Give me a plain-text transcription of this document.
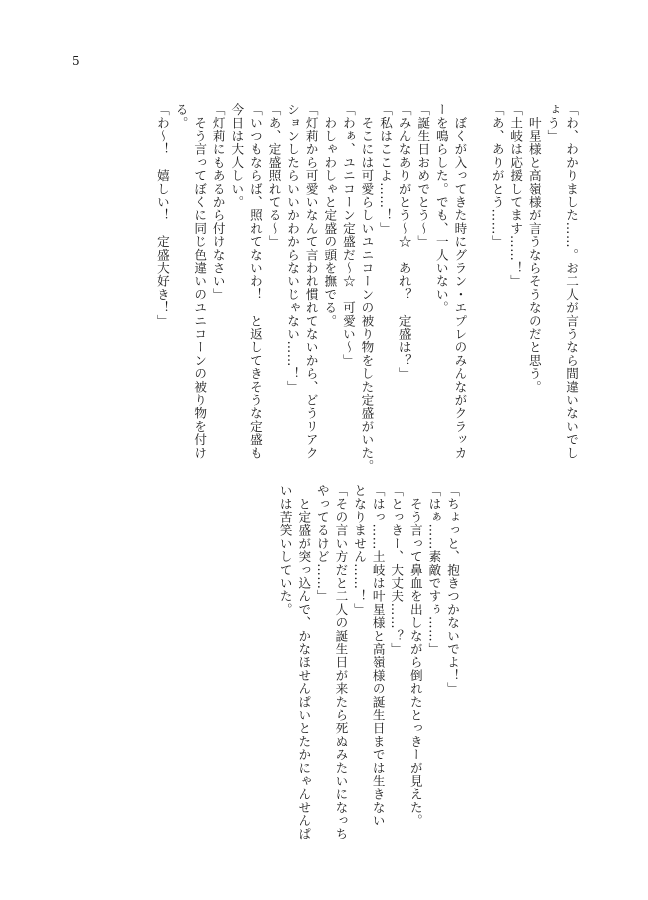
5
「わ、わかりました……。お二人が言うなら間違いないでし
ょう」
　叶星様と高嶺様が言うならそうなのだと思う。
「土岐は応援してます……！」
「あ、ありがとう……」
　ぼくが入ってきた時にグラン・エプレのみんながクラッカ
ーを鳴らした。でも、一人いない。
「誕生日おめでとう〜」
「みんなありがとう〜☆　あれ？　定盛は？」
「私はここよ……！」
　そこには可愛らしいユニコーンの被り物をした定盛がいた。
「わぁ、ユニコーン定盛だ〜☆　可愛い〜」
　わしゃわしゃと定盛の頭を撫でる。
「灯莉から可愛いなんて言われ慣れてないから、どうリアク
ションしたらいいかわからないじゃない……！」
「あ、定盛照れてる〜」
「いつもならば、照れてないわ！　と返してきそうな定盛も
今日は大人しい。
「灯莉にもあるから付けなさい」
　そう言ってぼくに同じ色違いのユニコーンの被り物を付け
る。
「わ〜！　嬉しい！　定盛大好き！」
「ちょっと、抱きつかないでよ！」
「はぁ……素敵ですぅ……」
　そう言って鼻血を出しながら倒れたとっきーが見えた。
「とっきー、大丈夫……？」
「はっ……土岐は叶星様と高嶺様の誕生日までは生きない
となりません……！」
「その言い方だと二人の誕生日が来たら死ぬみたいになっち
やってるけど……」
　と定盛が突っ込んで、かなほせんぱいとたかにゃんせんぱ
いは苦笑いしていた。
